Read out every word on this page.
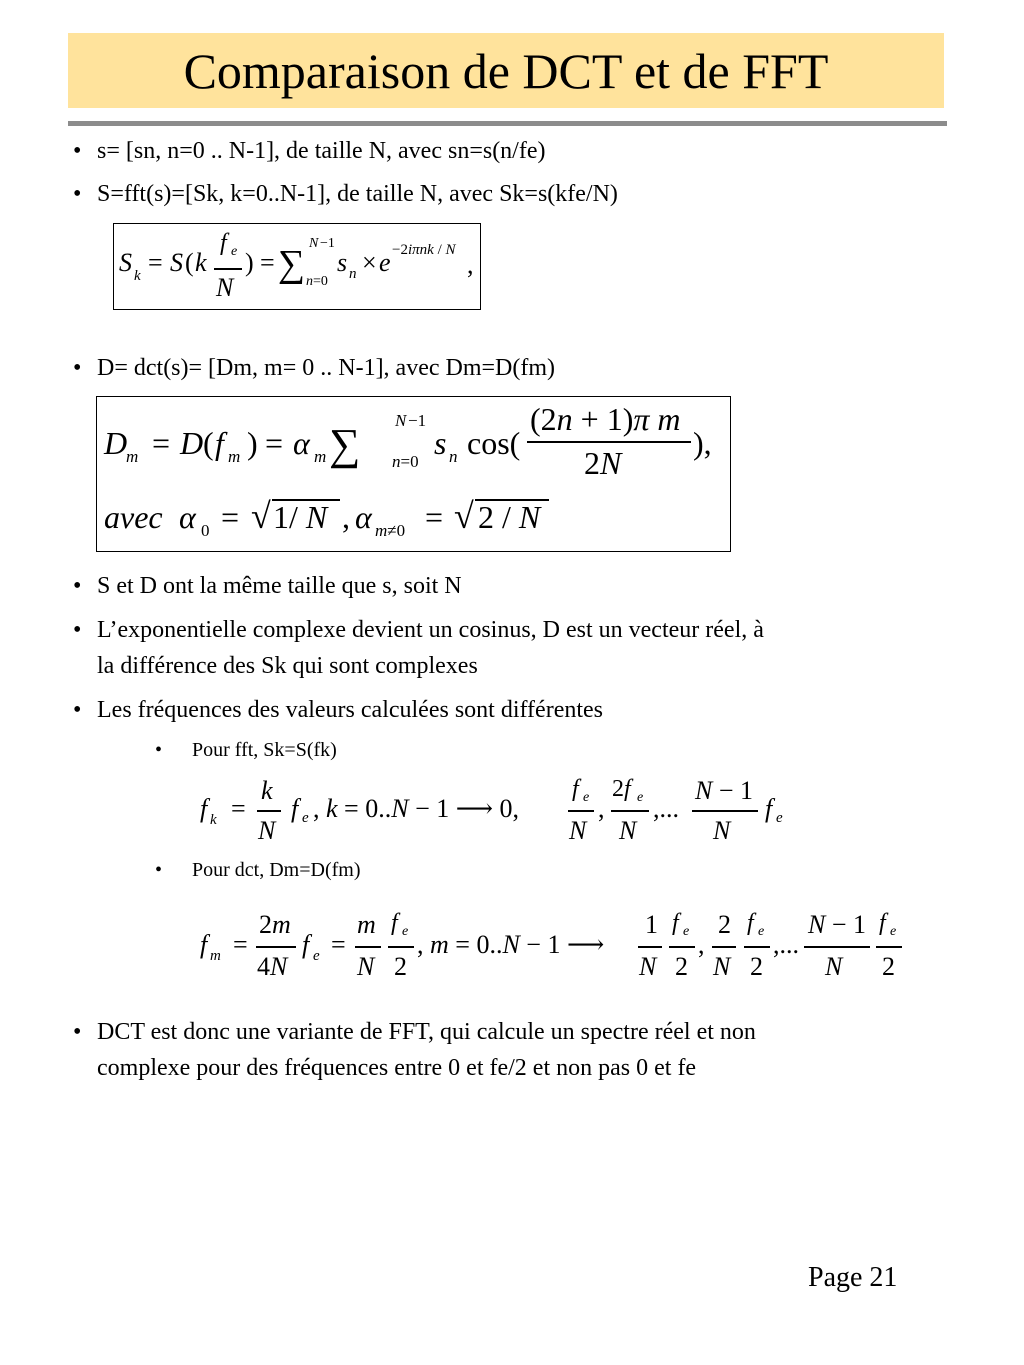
Comparaison de DCT et de FFT
• s= [sn, n=0 .. N-1], de taille N, avec sn=s(n/fe)
• S=fft(s)=[Sk, k=0..N-1], de taille N, avec Sk=s(kfe/N)
S k = S ( k
f e
N
) = ∑ N −1
n=0
s n × e −2iπnk / N ,
• D= dct(s)= [Dm, m= 0 .. N-1], avec Dm=D(fm)
D
m = D ( f m ) = α m ∑ N −1
n=0
s n cos(
(2n + 1)π m
2N
),
avec α 0 = √ 1/ N , α m≠0 = √ 2 / N
• S et D ont la même taille que s, soit N
• L’exponentielle complexe devient un cosinus, D est un vecteur réel, à
la différence des Sk qui sont complexes
• Les fréquences des valeurs calculées sont différentes
• Pour fft, Sk=S(fk)
f k =
k
N
f e , k = 0..N − 1 ⟶ 0,
f e
N
,
2f e
N
,...
N − 1
N
f e
• Pour dct, Dm=D(fm)
f m =
2m
4N
f e =
m
N
f e
2
, m = 0..N − 1 ⟶
1
N
f e
2
,
2
N
f e
2
,...
N − 1
N
f e
2
• DCT est donc une variante de FFT, qui calcule un spectre réel et non
complexe pour des fréquences entre 0 et fe/2 et non pas 0 et fe
Page 21
